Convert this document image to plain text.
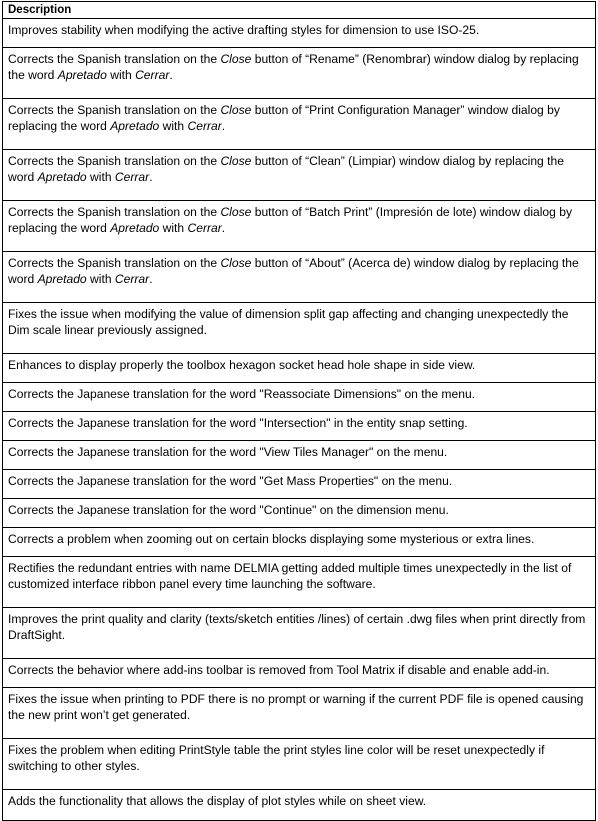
Description
Improves stability when modifying the active drafting styles for dimension to use ISO-25.
Corrects the Spanish translation on the Close button of “Rename” (Renombrar) window dialog by replacing the word Apretado with Cerrar.
Corrects the Spanish translation on the Close button of “Print Configuration Manager” window dialog by replacing the word Apretado with Cerrar.
Corrects the Spanish translation on the Close button of “Clean” (Limpiar) window dialog by replacing the word Apretado with Cerrar.
Corrects the Spanish translation on the Close button of “Batch Print” (Impresión de lote) window dialog by replacing the word Apretado with Cerrar.
Corrects the Spanish translation on the Close button of “About” (Acerca de) window dialog by replacing the word Apretado with Cerrar.
Fixes the issue when modifying the value of dimension split gap affecting and changing unexpectedly the Dim scale linear previously assigned.
Enhances to display properly the toolbox hexagon socket head hole shape in side view.
Corrects the Japanese translation for the word "Reassociate Dimensions" on the menu.
Corrects the Japanese translation for the word "Intersection" in the entity snap setting.
Corrects the Japanese translation for the word "View Tiles Manager" on the menu.
Corrects the Japanese translation for the word "Get Mass Properties" on the menu.
Corrects the Japanese translation for the word "Continue" on the dimension menu.
Corrects a problem when zooming out on certain blocks displaying some mysterious or extra lines.
Rectifies the redundant entries with name DELMIA getting added multiple times unexpectedly in the list of customized interface ribbon panel every time launching the software.
Improves the print quality and clarity (texts/sketch entities /lines) of certain .dwg files when print directly from DraftSight.
Corrects the behavior where add-ins toolbar is removed from Tool Matrix if disable and enable add-in.
Fixes the issue when printing to PDF there is no prompt or warning if the current PDF file is opened causing the new print won’t get generated.
Fixes the problem when editing PrintStyle table the print styles line color will be reset unexpectedly if switching to other styles.
Adds the functionality that allows the display of plot styles while on sheet view.
